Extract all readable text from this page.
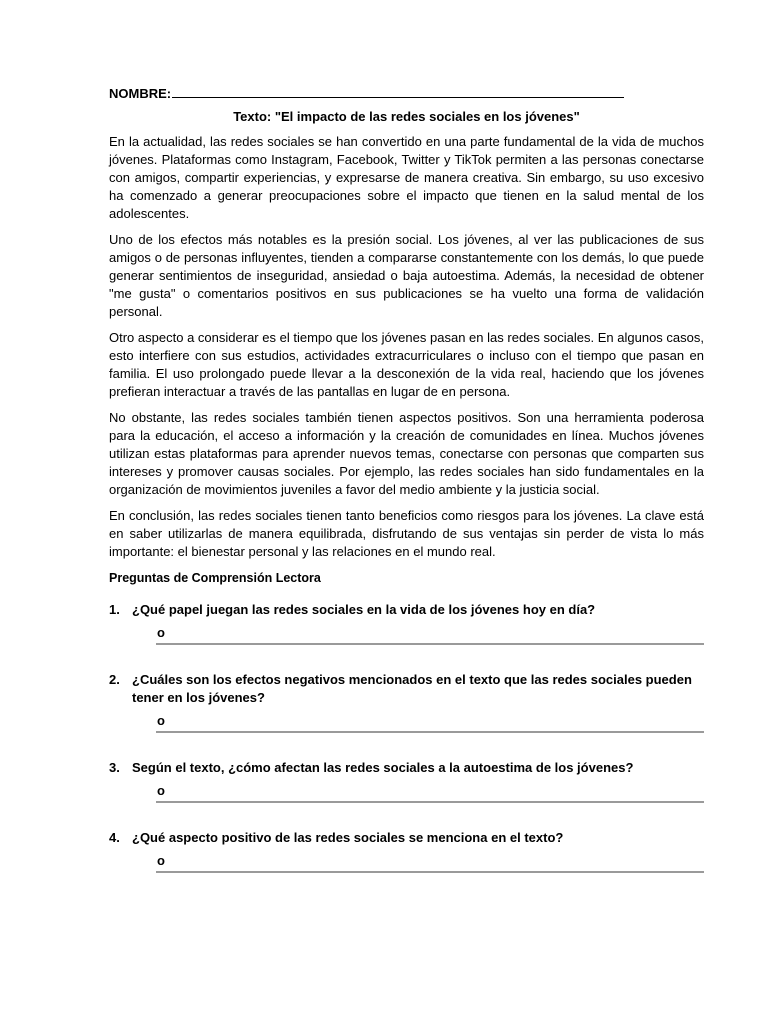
NOMBRE:
Texto: "El impacto de las redes sociales en los jóvenes"

En la actualidad, las redes sociales se han convertido en una parte fundamental de la vida de muchos jóvenes. Plataformas como Instagram, Facebook, Twitter y TikTok permiten a las personas conectarse con amigos, compartir experiencias, y expresarse de manera creativa. Sin embargo, su uso excesivo ha comenzado a generar preocupaciones sobre el impacto que tienen en la salud mental de los adolescentes.

Uno de los efectos más notables es la presión social. Los jóvenes, al ver las publicaciones de sus amigos o de personas influyentes, tienden a compararse constantemente con los demás, lo que puede generar sentimientos de inseguridad, ansiedad o baja autoestima. Además, la necesidad de obtener "me gusta" o comentarios positivos en sus publicaciones se ha vuelto una forma de validación personal.

Otro aspecto a considerar es el tiempo que los jóvenes pasan en las redes sociales. En algunos casos, esto interfiere con sus estudios, actividades extracurriculares o incluso con el tiempo que pasan en familia. El uso prolongado puede llevar a la desconexión de la vida real, haciendo que los jóvenes prefieran interactuar a través de las pantallas en lugar de en persona.

No obstante, las redes sociales también tienen aspectos positivos. Son una herramienta poderosa para la educación, el acceso a información y la creación de comunidades en línea. Muchos jóvenes utilizan estas plataformas para aprender nuevos temas, conectarse con personas que comparten sus intereses y promover causas sociales. Por ejemplo, las redes sociales han sido fundamentales en la organización de movimientos juveniles a favor del medio ambiente y la justicia social.

En conclusión, las redes sociales tienen tanto beneficios como riesgos para los jóvenes. La clave está en saber utilizarlas de manera equilibrada, disfrutando de sus ventajas sin perder de vista lo más importante: el bienestar personal y las relaciones en el mundo real.

Preguntas de Comprensión Lectora
1. ¿Qué papel juegan las redes sociales en la vida de los jóvenes hoy en día?
o
2. ¿Cuáles son los efectos negativos mencionados en el texto que las redes sociales pueden tener en los jóvenes?
o
3. Según el texto, ¿cómo afectan las redes sociales a la autoestima de los jóvenes?
o
4. ¿Qué aspecto positivo de las redes sociales se menciona en el texto?
o
